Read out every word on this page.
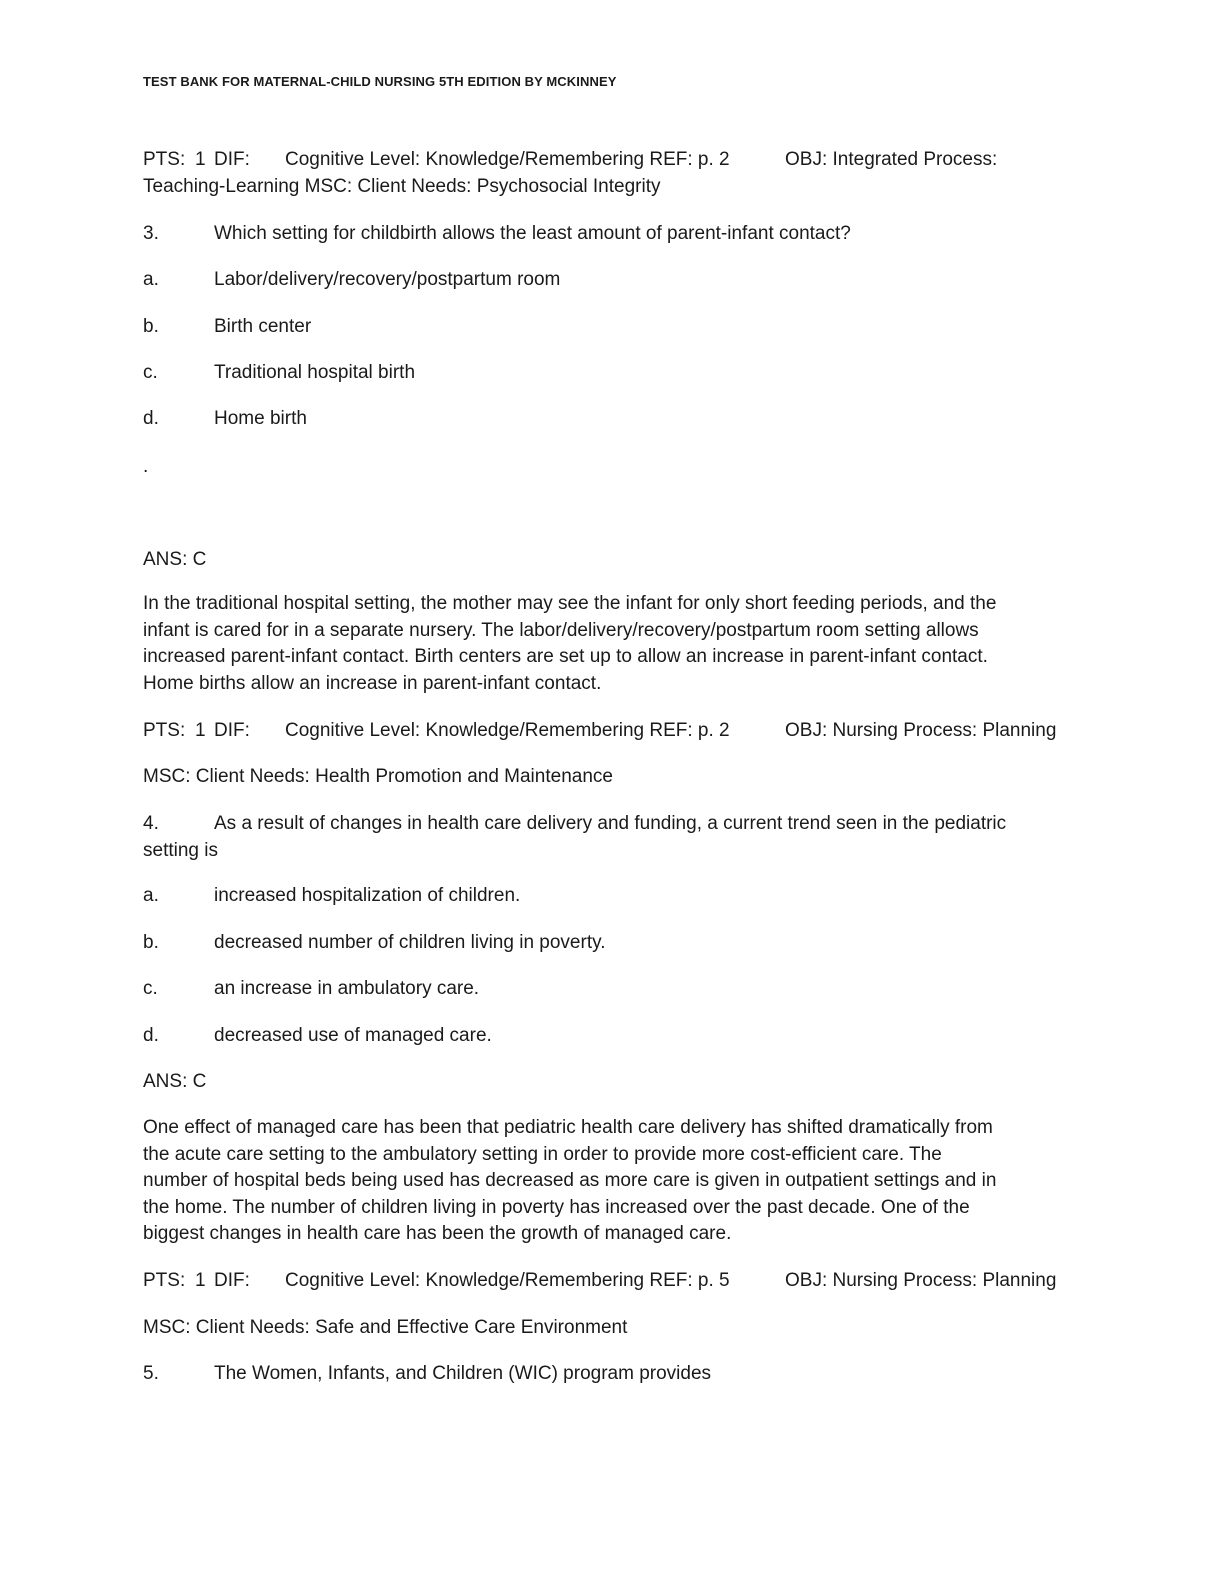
TEST BANK FOR MATERNAL-CHILD NURSING 5TH EDITION BY MCKINNEY
PTS: 1 DIF: Cognitive Level: Knowledge/Remembering REF: p. 2	OBJ: Integrated Process:
Teaching-Learning MSC: Client Needs: Psychosocial Integrity
3.	Which setting for childbirth allows the least amount of parent-infant contact?
a.	Labor/delivery/recovery/postpartum room
b.	Birth center
c.	Traditional hospital birth
d.	Home birth
.
ANS: C
In the traditional hospital setting, the mother may see the infant for only short feeding periods, and the
infant is cared for in a separate nursery. The labor/delivery/recovery/postpartum room setting allows
increased parent-infant contact. Birth centers are set up to allow an increase in parent-infant contact.
Home births allow an increase in parent-infant contact.
PTS: 1 DIF: Cognitive Level: Knowledge/Remembering REF: p. 2	OBJ: Nursing Process: Planning
MSC: Client Needs: Health Promotion and Maintenance
4.	As a result of changes in health care delivery and funding, a current trend seen in the pediatric
setting is
a.	increased hospitalization of children.
b.	decreased number of children living in poverty.
c.	an increase in ambulatory care.
d.	decreased use of managed care.
ANS: C
One effect of managed care has been that pediatric health care delivery has shifted dramatically from
the acute care setting to the ambulatory setting in order to provide more cost-efficient care. The
number of hospital beds being used has decreased as more care is given in outpatient settings and in
the home. The number of children living in poverty has increased over the past decade. One of the
biggest changes in health care has been the growth of managed care.
PTS: 1 DIF: Cognitive Level: Knowledge/Remembering REF: p. 5	OBJ: Nursing Process: Planning
MSC: Client Needs: Safe and Effective Care Environment
5.	The Women, Infants, and Children (WIC) program provides
